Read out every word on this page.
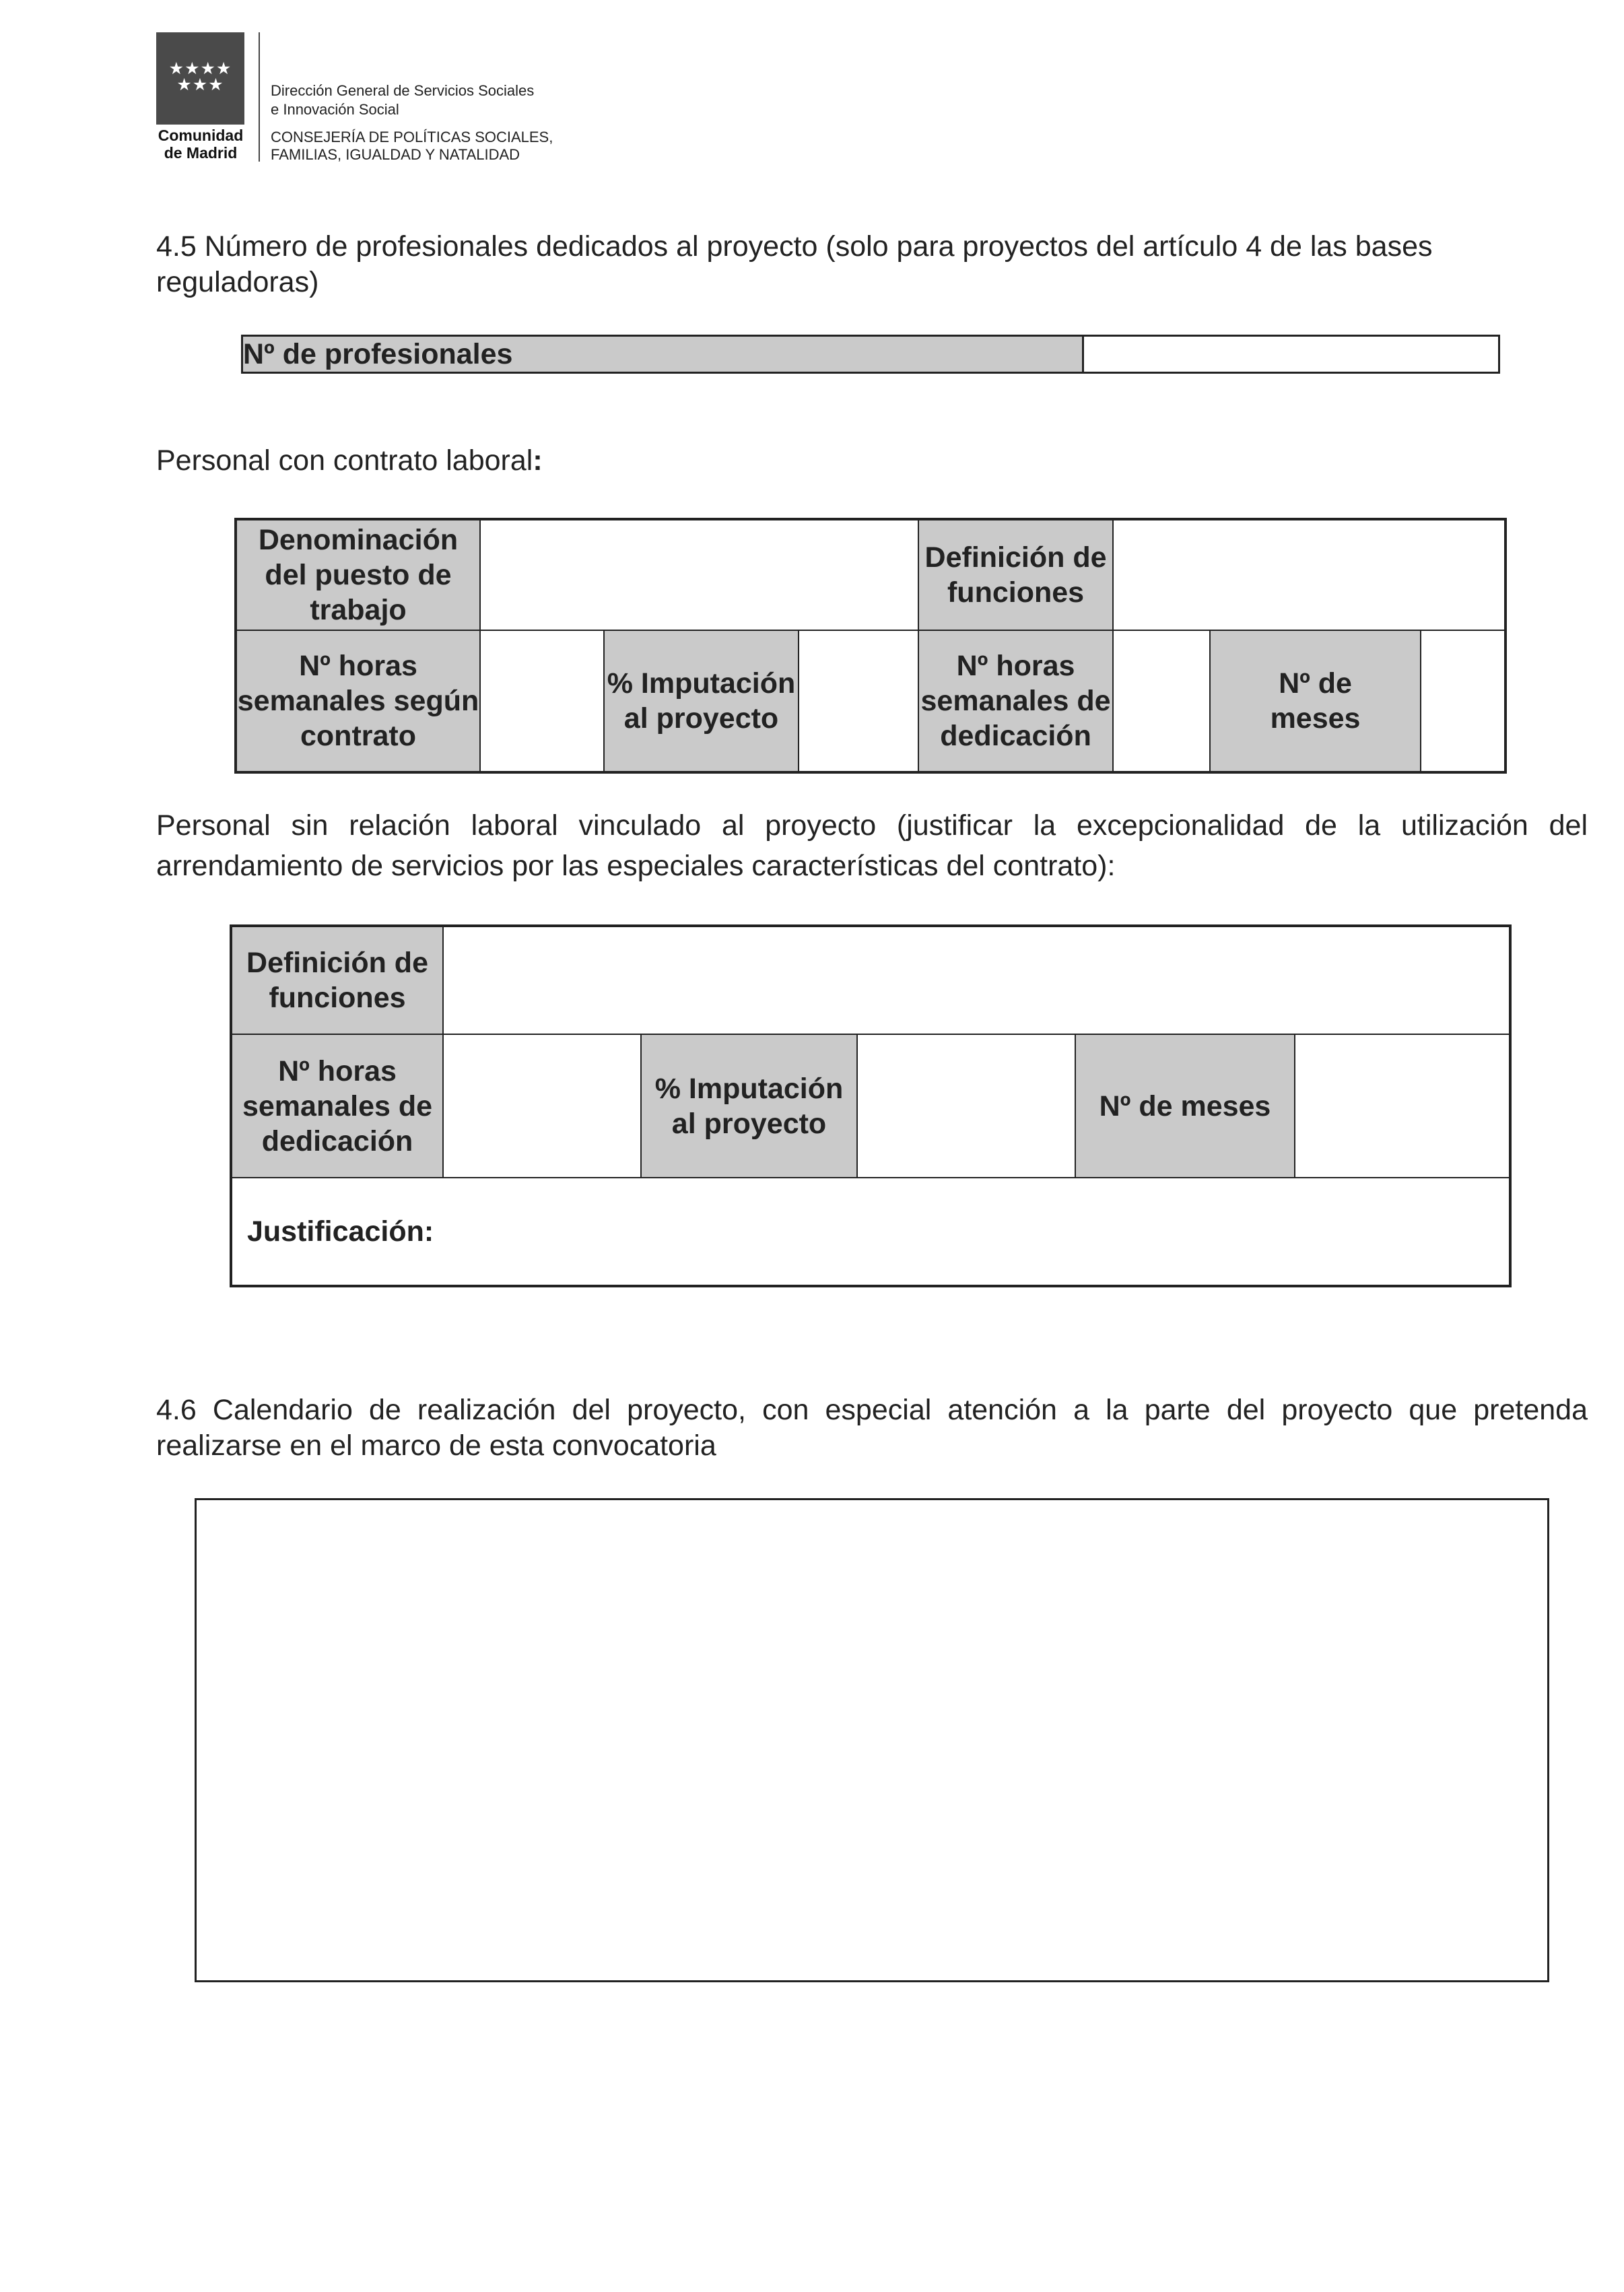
★★★★ ★★★
Comunidad
de Madrid
Dirección General de Servicios Sociales
e Innovación Social
CONSEJERÍA DE POLÍTICAS SOCIALES,
FAMILIAS, IGUALDAD Y NATALIDAD
4.5 Número de profesionales dedicados al proyecto (solo para proyectos del artículo 4 de las bases reguladoras)
Nº de profesionales	
Personal con contrato laboral:
Denominación del puesto de trabajo				Definición de funciones			
Nº horas semanales según contrato		% Imputación al proyecto		Nº horas semanales de dedicación		Nº de meses	
Personal sin relación laboral vinculado al proyecto (justificar la excepcionalidad de la utilización del arrendamiento de servicios por las especiales características del contrato):
Definición de funciones					
Nº horas semanales de dedicación		% Imputación al proyecto		Nº de meses	
Justificación:					
4.6 Calendario de realización del proyecto, con especial atención a la parte del proyecto que pretenda realizarse en el marco de esta convocatoria
